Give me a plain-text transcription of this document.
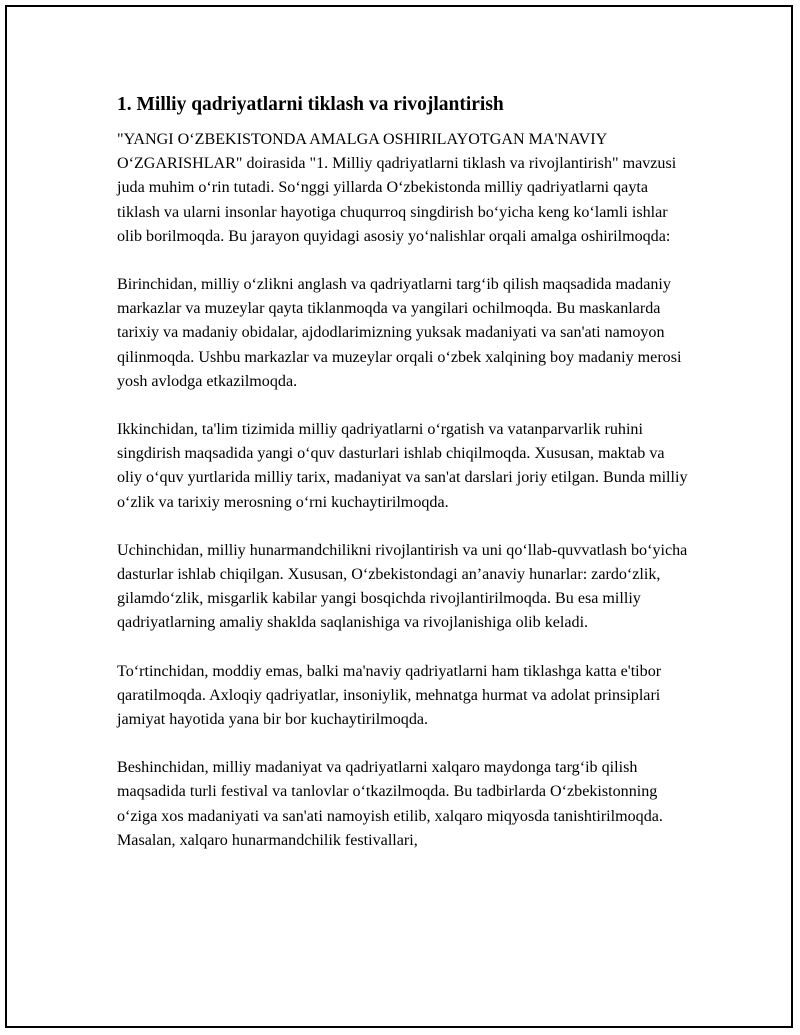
1. Milliy qadriyatlarni tiklash va rivojlantirish

"YANGI O‘ZBEKISTONDA AMALGA OSHIRILAYOTGAN MA'NAVIY O‘ZGARISHLAR" doirasida "1. Milliy qadriyatlarni tiklash va rivojlantirish" mavzusi juda muhim o‘rin tutadi. So‘nggi yillarda O‘zbekistonda milliy qadriyatlarni qayta tiklash va ularni insonlar hayotiga chuqurroq singdirish bo‘yicha keng ko‘lamli ishlar olib borilmoqda. Bu jarayon quyidagi asosiy yo‘nalishlar orqali amalga oshirilmoqda:

Birinchidan, milliy o‘zlikni anglash va qadriyatlarni targ‘ib qilish maqsadida madaniy markazlar va muzeylar qayta tiklanmoqda va yangilari ochilmoqda. Bu maskanlarda tarixiy va madaniy obidalar, ajdodlarimizning yuksak madaniyati va san'ati namoyon qilinmoqda. Ushbu markazlar va muzeylar orqali o‘zbek xalqining boy madaniy merosi yosh avlodga etkazilmoqda.

Ikkinchidan, ta'lim tizimida milliy qadriyatlarni o‘rgatish va vatanparvarlik ruhini singdirish maqsadida yangi o‘quv dasturlari ishlab chiqilmoqda. Xususan, maktab va oliy o‘quv yurtlarida milliy tarix, madaniyat va san'at darslari joriy etilgan. Bunda milliy o‘zlik va tarixiy merosning o‘rni kuchaytirilmoqda.

Uchinchidan, milliy hunarmandchilikni rivojlantirish va uni qo‘llab-quvvatlash bo‘yicha dasturlar ishlab chiqilgan. Xususan, O‘zbekistondagi an’anaviy hunarlar: zardo‘zlik, gilamdo‘zlik, misgarlik kabilar yangi bosqichda rivojlantirilmoqda. Bu esa milliy qadriyatlarning amaliy shaklda saqlanishiga va rivojlanishiga olib keladi.

To‘rtinchidan, moddiy emas, balki ma'naviy qadriyatlarni ham tiklashga katta e'tibor qaratilmoqda. Axloqiy qadriyatlar, insoniylik, mehnatga hurmat va adolat prinsiplari jamiyat hayotida yana bir bor kuchaytirilmoqda.

Beshinchidan, milliy madaniyat va qadriyatlarni xalqaro maydonga targ‘ib qilish maqsadida turli festival va tanlovlar o‘tkazilmoqda. Bu tadbirlarda O‘zbekistonning o‘ziga xos madaniyati va san'ati namoyish etilib, xalqaro miqyosda tanishtirilmoqda. Masalan, xalqaro hunarmandchilik festivallari,
